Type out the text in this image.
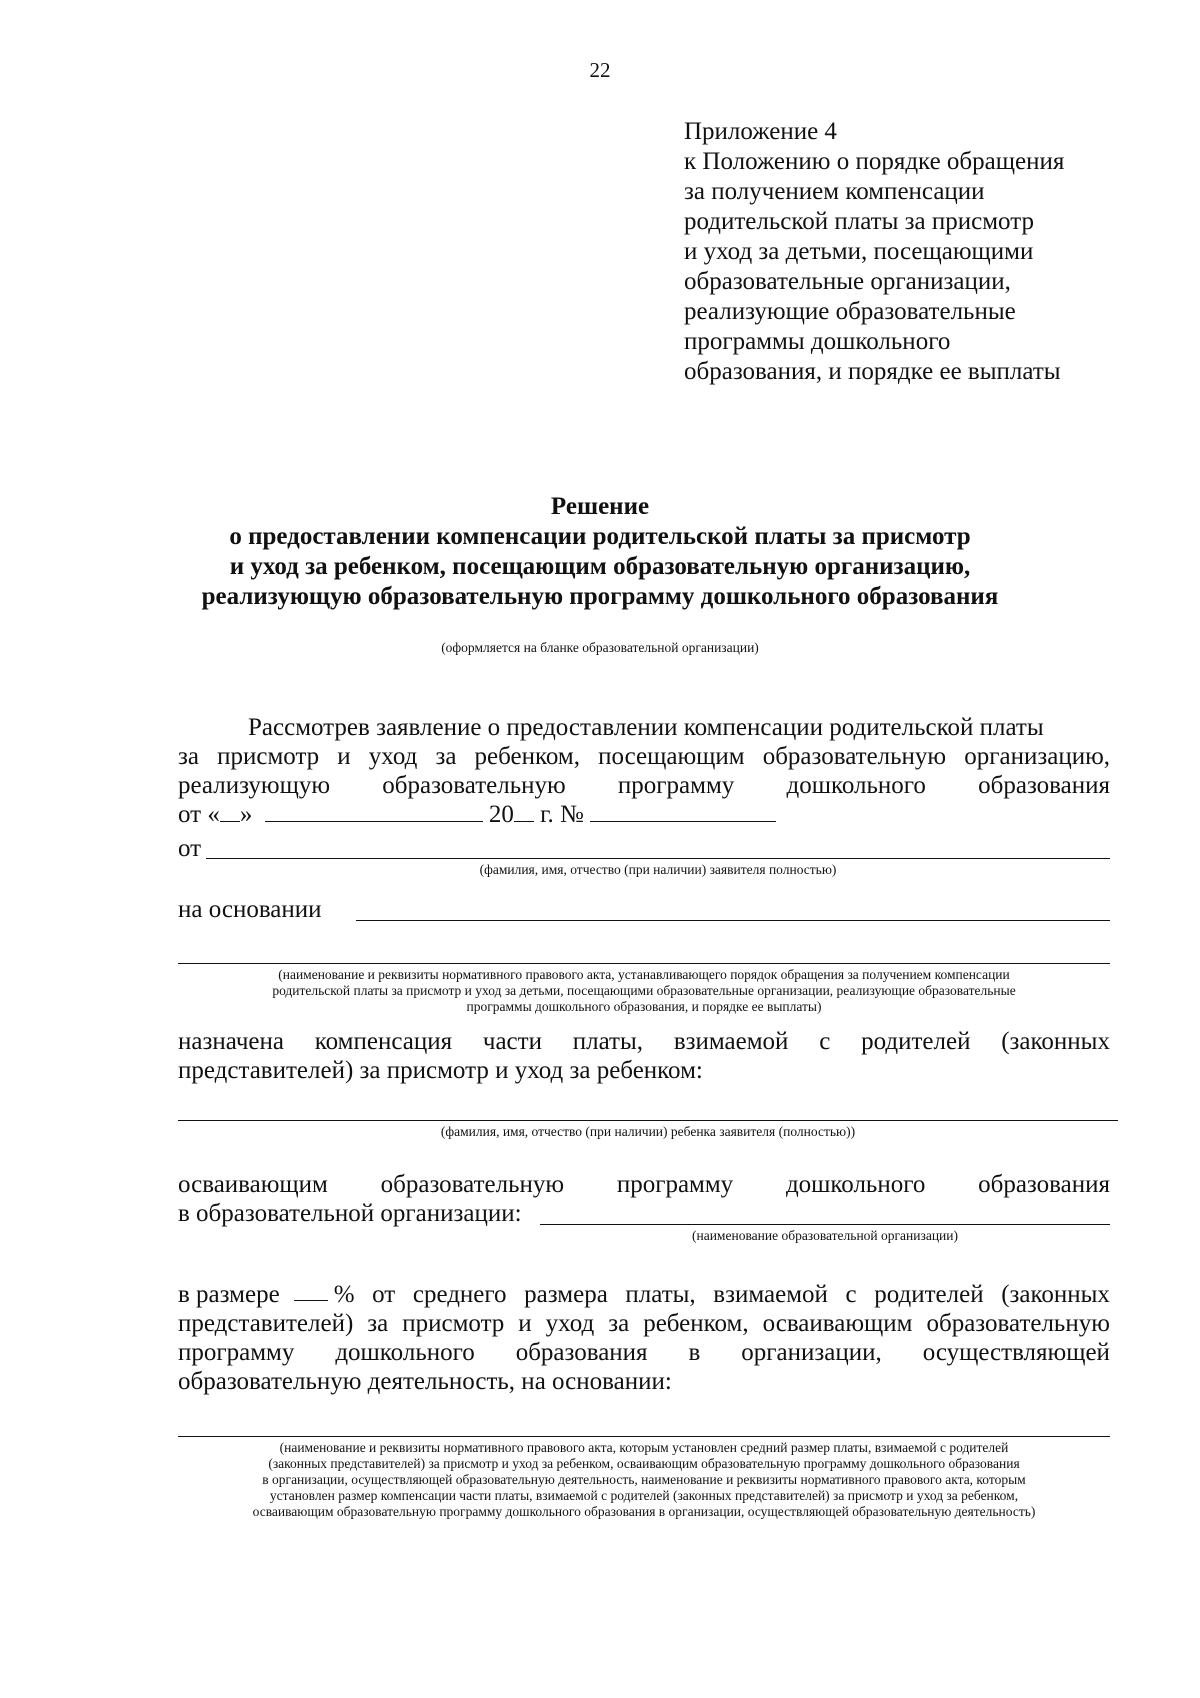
22
Приложение 4
к Положению о порядке обращения
за получением компенсации
родительской платы за присмотр
и уход за детьми, посещающими
образовательные организации,
реализующие образовательные
программы дошкольного
образования, и порядке ее выплаты
Решение
о предоставлении компенсации родительской платы за присмотр
и уход за ребенком, посещающим образовательную организацию,
реализующую образовательную программу дошкольного образования
(оформляется на бланке образовательной организации)
Рассмотрев заявление о предоставлении компенсации родительской платы
за присмотр и уход за ребенком, посещающим образовательную организацию,
реализующую образовательную программу дошкольного образования
от « »	20 г. №
от
(фамилия, имя, отчество (при наличии) заявителя полностью)
на основании
(наименование и реквизиты нормативного правового акта, устанавливающего порядок обращения за получением компенсации
родительской платы за присмотр и уход за детьми, посещающими образовательные организации, реализующие образовательные
программы дошкольного образования, и порядке ее выплаты)
назначена компенсация части платы, взимаемой с родителей (законных
представителей) за присмотр и уход за ребенком:
(фамилия, имя, отчество (при наличии) ребенка заявителя (полностью))
осваивающим образовательную программу дошкольного образования
в образовательной организации:
(наименование образовательной организации)
в размере % от среднего размера платы, взимаемой с родителей (законных
представителей) за присмотр и уход за ребенком, осваивающим образовательную
программу дошкольного образования в организации, осуществляющей
образовательную деятельность, на основании:
(наименование и реквизиты нормативного правового акта, которым установлен средний размер платы, взимаемой с родителей
(законных представителей) за присмотр и уход за ребенком, осваивающим образовательную программу дошкольного образования
в организации, осуществляющей образовательную деятельность, наименование и реквизиты нормативного правового акта, которым
установлен размер компенсации части платы, взимаемой с родителей (законных представителей) за присмотр и уход за ребенком,
осваивающим образовательную программу дошкольного образования в организации, осуществляющей образовательную деятельность)
